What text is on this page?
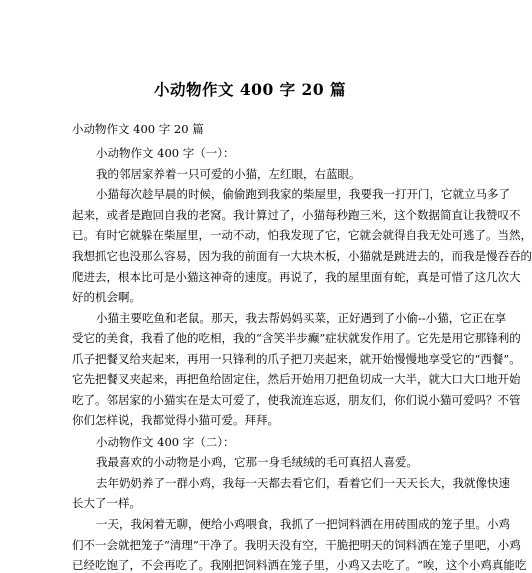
小动物作文 400 字 20 篇
小动物作文 400 字 20 篇
小动物作文 400 字（一）：
我的邻居家养着一只可爱的小猫，左红眼，右蓝眼。
小猫每次趁早晨的时候，偷偷跑到我家的柴屋里，我要我一打开门，它就立马多了
起来，或者是跑回自我的老窝。我计算过了，小猫每秒跑三米，这个数据简直让我赞叹不
已。有时它就躲在柴屋里，一动不动，怕我发现了它，它就会就得自我无处可逃了。当然，
我想抓它也没那么容易，因为我的前面有一大块木板，小猫就是跳进去的，而我是慢吞吞的
爬进去，根本比可是小猫这神奇的速度。再说了，我的屋里面有蛇，真是可惜了这几次大
好的机会啊。
小猫主要吃鱼和老鼠。那天，我去帮妈妈买菜，正好遇到了小偷--小猫，它正在享
受它的美食，我看了他的吃相，我的“含笑半步癫”症状就发作用了。它先是用它那锋利的
爪子把餐叉给夹起来，再用一只锋利的爪子把刀夹起来，就开始慢慢地享受它的“西餐”。
它先把餐叉夹起来，再把鱼给固定住，然后开始用刀把鱼切成一大半，就大口大口地开始
吃了。邻居家的小猫实在是太可爱了，使我流连忘返，朋友们，你们说小猫可爱吗？不管
你们怎样说，我都觉得小猫可爱。拜拜。
小动物作文 400 字（二）：
我最喜欢的小动物是小鸡，它那一身毛绒绒的毛可真招人喜爱。
去年奶奶养了一群小鸡，我每一天都去看它们，看着它们一天天长大，我就像快速
长大了一样。
一天，我闲着无聊，便给小鸡喂食，我抓了一把饲料洒在用砖围成的笼子里。小鸡
们不一会就把笼子“清理”干净了。我明天没有空，干脆把明天的饲料洒在笼子里吧，小鸡
已经吃饱了，不会再吃了。我刚把饲料洒在笼子里，小鸡又去吃了。“唉，这个小鸡真能吃
